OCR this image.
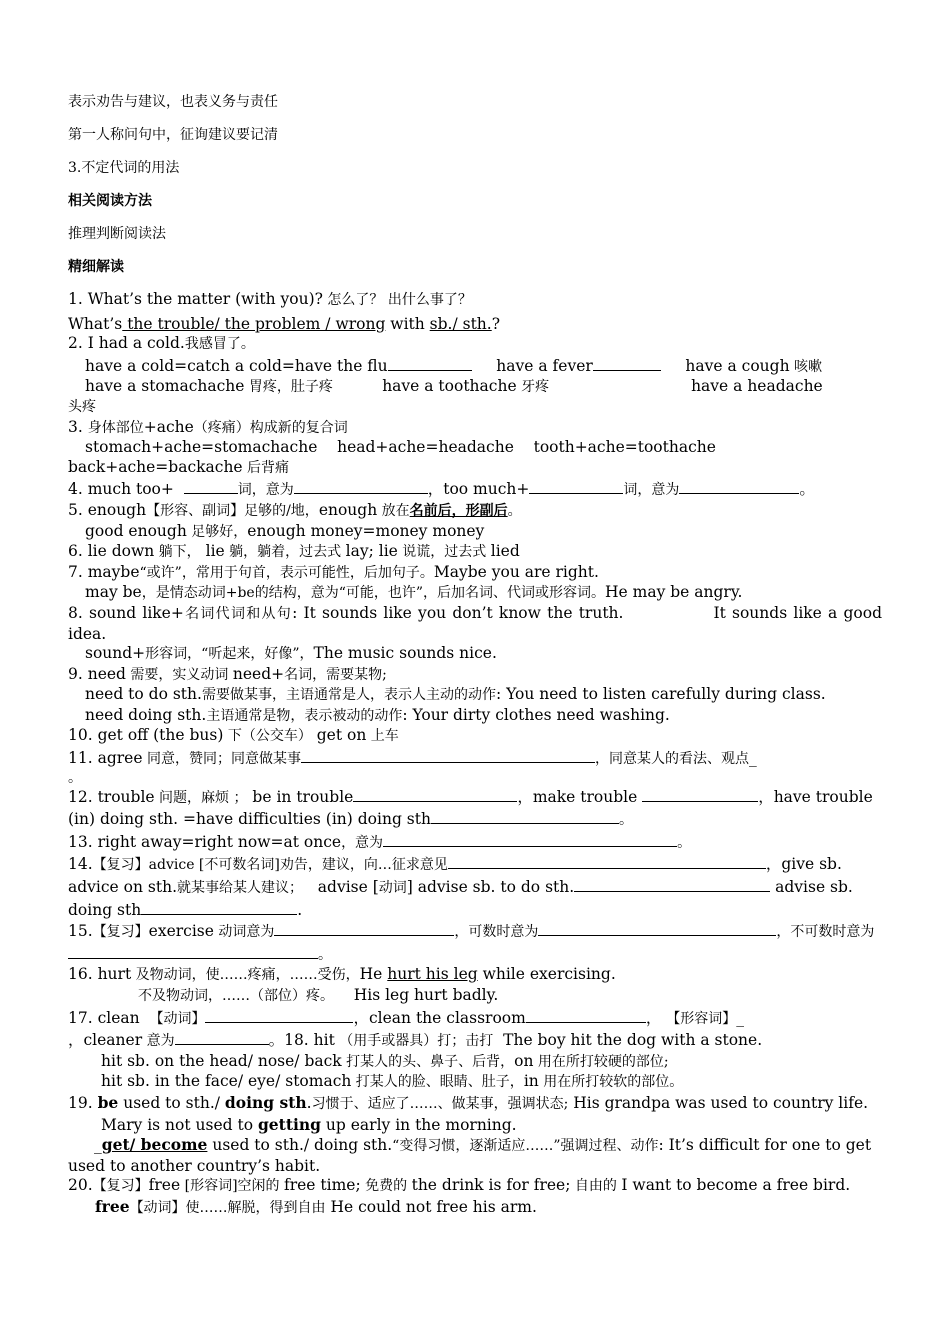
表示劝告与建议，也表义务与责任
第一人称问句中，征询建议要记清
3.不定代词的用法
相关阅读方法
推理判断阅读法
精细解读

1. What’s the matter (with you)? 怎么了？ 出什么事了？

What’s the trouble/ the problem / wrong with sb./ sth.?

2. I had a cold.我感冒了。

have a cold=catch a cold=have the flu	have a fever	have a cough 咳嗽

have a stomachache 胃疼，肚子疼	have a toothache 牙疼	have a headache

头疼

3. 身体部位+ache（疼痛）构成新的复合词

stomach+ache=stomachache head+ache=headache tooth+ache=toothache

back+ache=backache 后背痛

4. much too+	词，意为	，too much+	词，意为	。

5. enough【形容、副词】足够的/地，enough 放在名前后，形副后。

good enough 足够好，enough money=money money

6. lie down 躺下， lie 躺，躺着，过去式 lay; lie 说谎，过去式 lied

7. maybe“或许”，常用于句首，表示可能性，后加句子。Maybe you are right.

may be，是情态动词+be的结构，意为“可能，也许”，后加名词、代词或形容词。He may be angry.

8. sound like+名词代词和从句: It sounds like you don’t know the truth.	It sounds like a good idea.

sound+形容词，“听起来，好像”，The music sounds nice.

9. need 需要，实义动词 need+名词，需要某物;

need to do sth.需要做某事，主语通常是人，表示人主动的动作: You need to listen carefully during class.

need doing sth.主语通常是物，表示被动的动作: Your dirty clothes need washing.

10. get off (the bus) 下（公交车） get on 上车

11. agree 同意，赞同；同意做某事	，同意某人的看法、观点_

。

12. trouble 问题，麻烦 ； be in trouble	，make trouble	，have trouble (in) doing sth. =have difficulties (in) doing sth	。

13. right away=right now=at once，意为	。

14.【复习】advice [不可数名词]劝告，建议，向…征求意见	，give sb. advice on sth.就某事给某人建议； advise [动词] advise sb. to do sth.	advise sb. doing sth	.

15.【复习】exercise 动词意为	，可数时意为	，不可数时意为。

16. hurt 及物动词，使……疼痛，……受伤，He hurt his leg while exercising.

不及物动词，……（部位）疼。 His leg hurt badly.

17. clean 【动词】	，clean the classroom	， 【形容词】_

，cleaner 意为	。18. hit （用手或器具）打；击打 The boy hit the dog with a stone.

hit sb. on the head/ nose/ back 打某人的头、鼻子、后背，on 用在所打较硬的部位;

hit sb. in the face/ eye/ stomach 打某人的脸、眼睛、肚子，in 用在所打较软的部位。

19. be used to sth./ doing sth.习惯于、适应了……、做某事，强调状态; His grandpa was used to country life.

Mary is not used to getting up early in the morning.

_get/ become used to sth./ doing sth.“变得习惯，逐渐适应……”强调过程、动作: It’s difficult for one to get used to another country’s habit.

20.【复习】free [形容词]空闲的 free time; 免费的 the drink is for free; 自由的 I want to become a free bird.

free【动词】使……解脱，得到自由 He could not free his arm.
